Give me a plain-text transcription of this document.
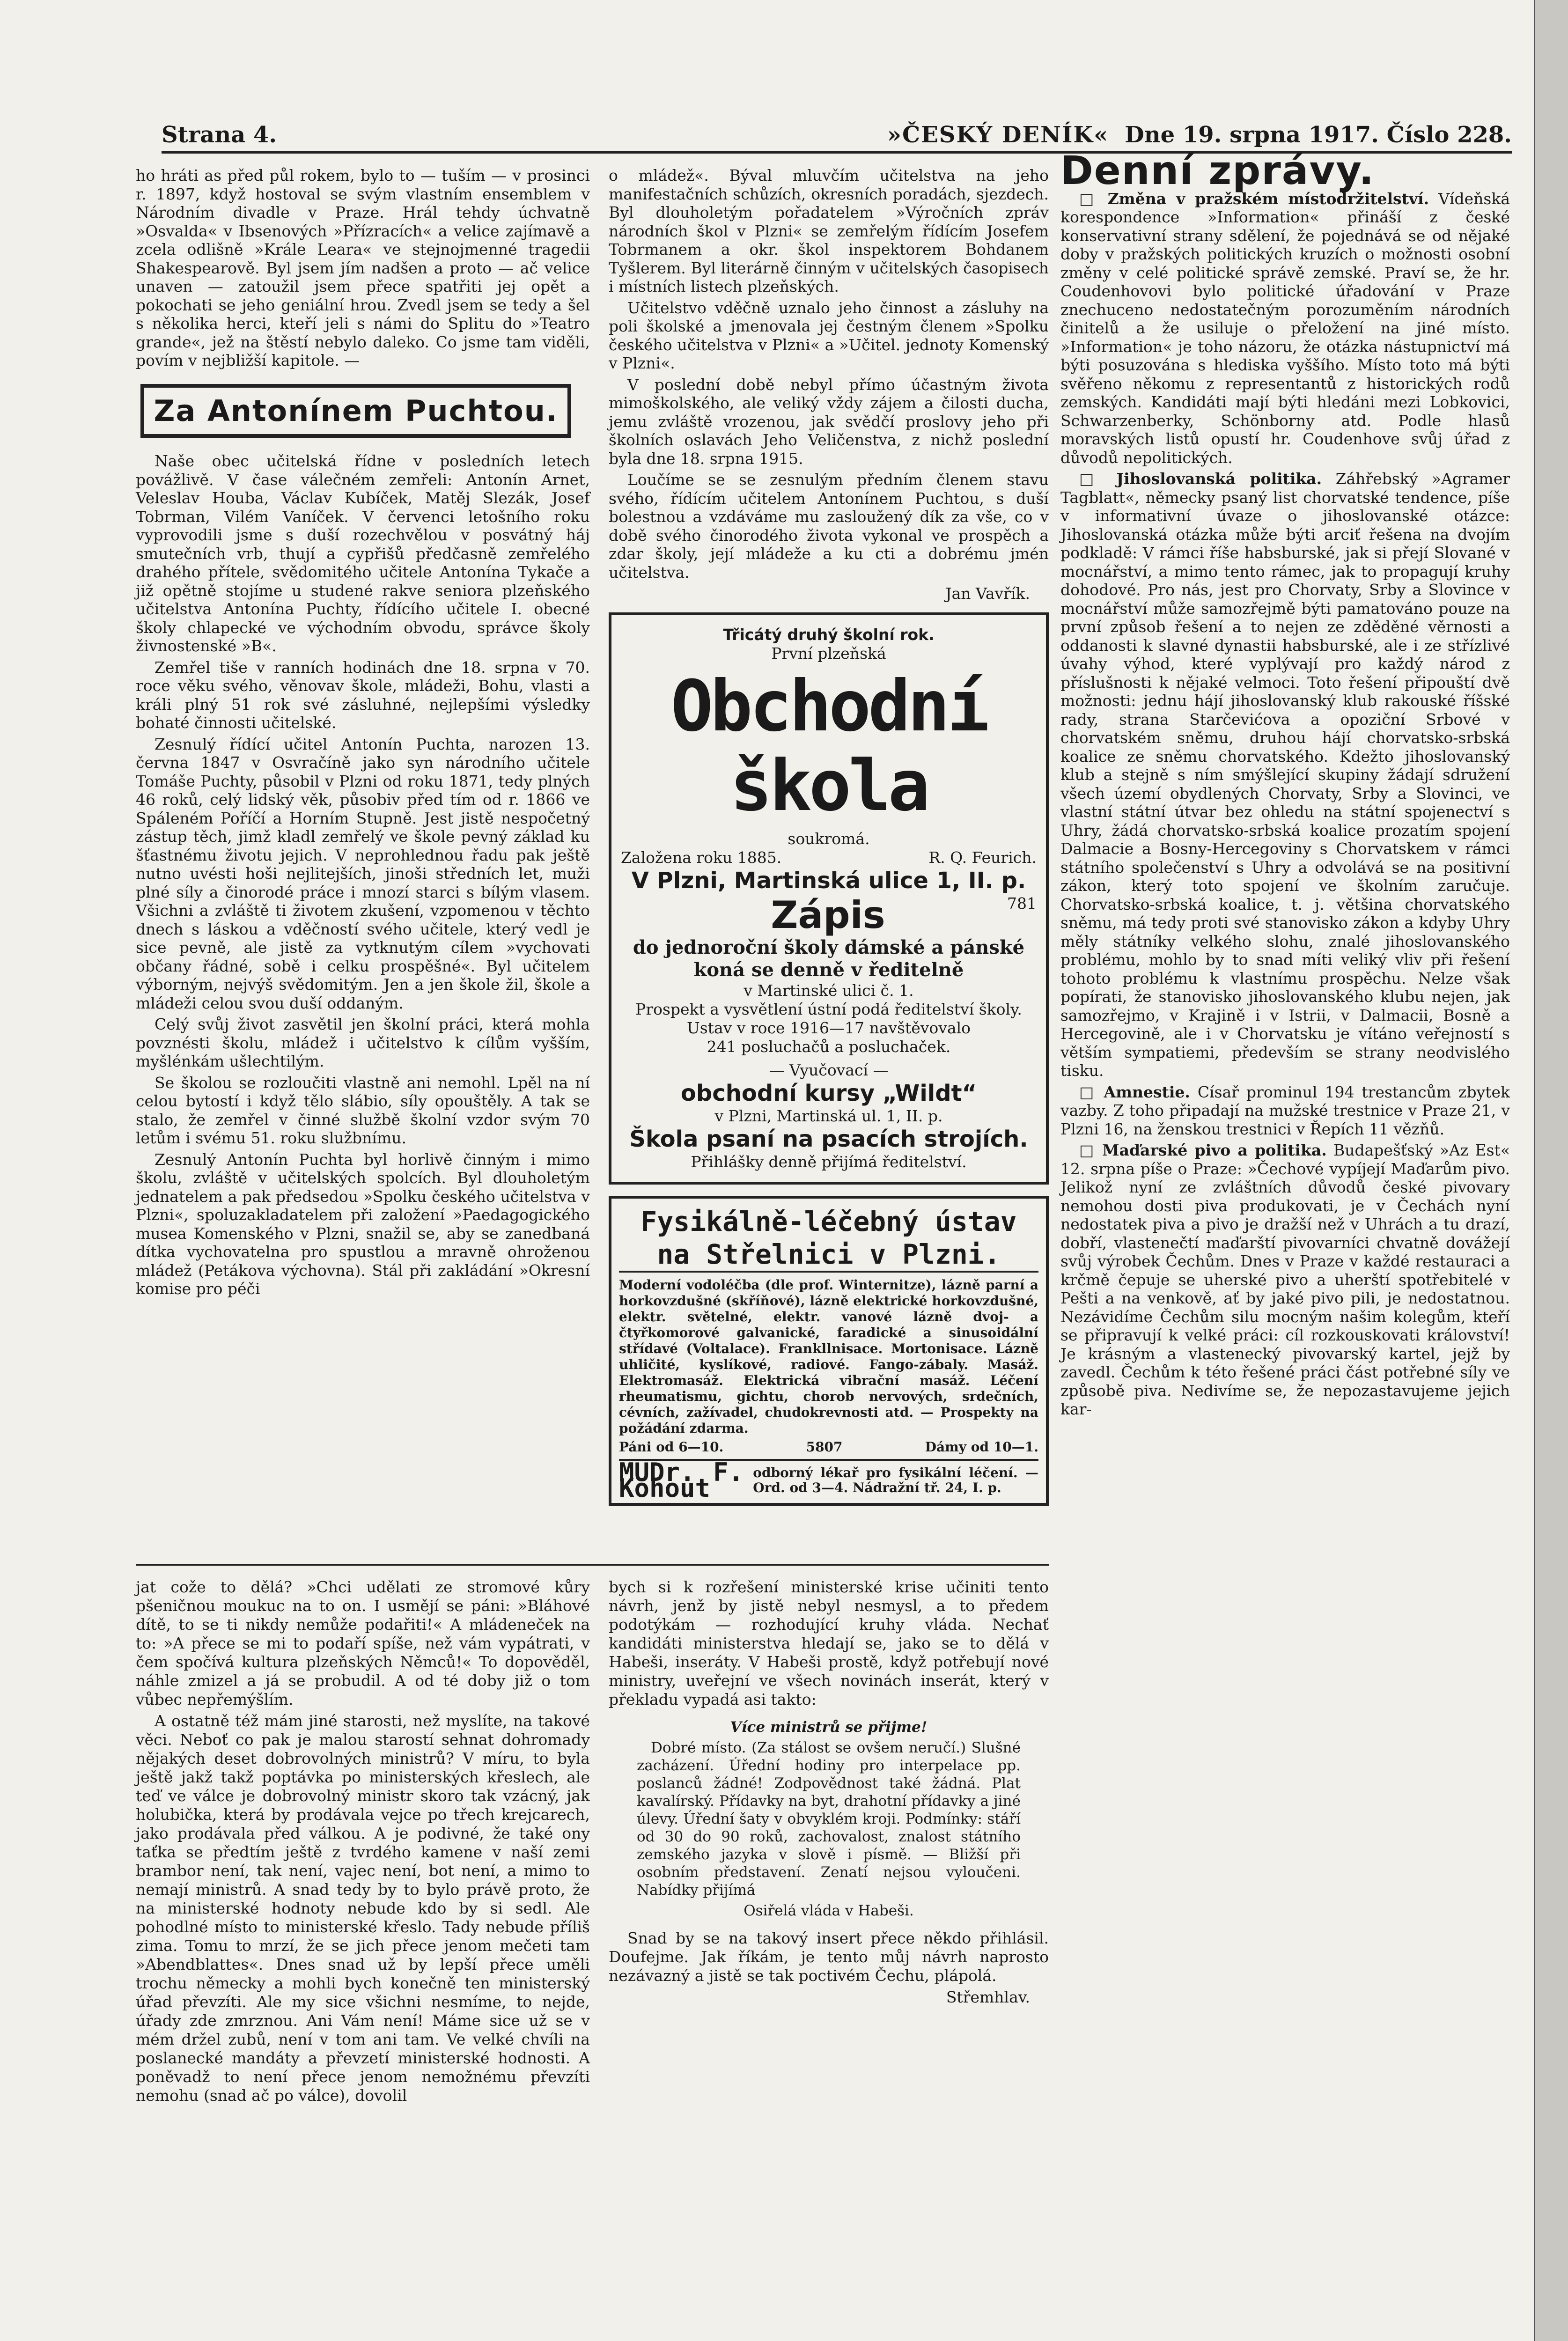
Strana 4.	»ČESKÝ DENÍK« Dne 19. srpna 1917. Číslo 228.

ho hráti as před půl rokem, bylo to — tuším — v prosinci r. 1897, když hostoval se svým vlastním ensemblem v Národním divadle v Praze. Hrál tehdy úchvatně »Osvalda« v Ibsenových »Přízracích« a velice zajímavě a zcela odlišně »Krále Leara« ve stejnojmenné tragedii Shakespearově. Byl jsem jím nadšen a proto — ač velice unaven — zatoužil jsem přece spatřiti jej opět a pokochati se jeho geniální hrou. Zvedl jsem se tedy a šel s několika herci, kteří jeli s námi do Splitu do »Teatro grande«, jež na štěstí nebylo daleko. Co jsme tam viděli, povím v nejbližší kapitole. —

Za Antonínem Puchtou.

Naše obec učitelská řídne v posledních letech povážlivě. V čase válečném zemřeli: Antonín Arnet, Veleslav Houba, Václav Kubíček, Matěj Slezák, Josef Tobrman, Vilém Vaníček. V červenci letošního roku vyprovodili jsme s duší rozechvělou v posvátný háj smutečních vrb, thují a cypřišů předčasně zemřelého drahého přítele, svědomitého učitele Antonína Tykače a již opětně stojíme u studené rakve seniora plzeňského učitelstva Antonína Puchty, řídícího učitele I. obecné školy chlapecké ve východním obvodu, správce školy živnostenské »B«.

Zemřel tiše v ranních hodinách dne 18. srpna v 70. roce věku svého, věnovav škole, mládeži, Bohu, vlasti a králi plný 51 rok své zásluhné, nejlepšími výsledky bohaté činnosti učitelské.

Zesnulý řídící učitel Antonín Puchta, narozen 13. června 1847 v Osvračíně jako syn národního učitele Tomáše Puchty, působil v Plzni od roku 1871, tedy plných 46 roků, celý lidský věk, působiv před tím od r. 1866 ve Spáleném Poříčí a Horním Stupně. Jest jistě nespočetný zástup těch, jimž kladl zemřelý ve škole pevný základ ku šťastnému životu jejich. V neprohlednou řadu pak ještě nutno uvésti hoši nejlitejších, jinoši středních let, muži plné síly a činorodé práce i mnozí starci s bílým vlasem. Všichni a zvláště ti životem zkušení, vzpomenou v těchto dnech s láskou a vděčností svého učitele, který vedl je sice pevně, ale jistě za vytknutým cílem »vychovati občany řádné, sobě i celku prospěšné«. Byl učitelem výborným, nejvýš svědomitým. Jen a jen škole žil, škole a mládeži celou svou duší oddaným.

Celý svůj život zasvětil jen školní práci, která mohla povznésti školu, mládež i učitelstvo k cílům vyšším, myšlénkám ušlechtilým.

Se školou se rozloučiti vlastně ani nemohl. Lpěl na ní celou bytostí i když tělo slábio, síly opouštěly. A tak se stalo, že zemřel v činné službě školní vzdor svým 70 letům i svému 51. roku službnímu.

Zesnulý Antonín Puchta byl horlivě činným i mimo školu, zvláště v učitelských spolcích. Byl dlouholetým jednatelem a pak předsedou »Spolku českého učitelstva v Plzni«, spoluzakladatelem při založení »Paedagogického musea Komenského v Plzni, snažil se, aby se zanedbaná dítka vychovatelna pro spustlou a mravně ohroženou mládež (Petákova výchovna). Stál při zakládání »Okresní komise pro péči

o mládež«. Býval mluvčím učitelstva na jeho manifestačních schůzích, okresních poradách, sjezdech. Byl dlouholetým pořadatelem »Výročních zpráv národních škol v Plzni« se zemřelým řídícím Josefem Tobrmanem a okr. škol inspektorem Bohdanem Tyšlerem. Byl literárně činným v učitelských časopisech i místních listech plzeňských.

Učitelstvo vděčně uznalo jeho činnost a zásluhy na poli školské a jmenovala jej čestným členem »Spolku českého učitelstva v Plzni« a »Učitel. jednoty Komenský v Plzni«.

V poslední době nebyl přímo účastným života mimoškolského, ale veliký vždy zájem a čilosti ducha, jemu zvláště vrozenou, jak svědčí proslovy jeho při školních oslavách Jeho Veličenstva, z nichž poslední byla dne 18. srpna 1915.

Loučíme se se zesnulým předním členem stavu svého, řídícím učitelem Antonínem Puchtou, s duší bolestnou a vzdáváme mu zasloužený dík za vše, co v době svého činorodého života vykonal ve prospěch a zdar školy, její mládeže a ku cti a dobrému jmén učitelstva.

Jan Vavřík.
Třicátý druhý školní rok.
První plzeňská
Obchodní škola
soukromá.
Založena roku 1885.	R. Q. Feurich.
V Plzni, Martinská ulice 1, II. p.
Zápis	781
do jednoroční školy dámské a pánské koná se denně v ředitelně
v Martinské ulici č. 1.
Prospekt a vysvětlení ústní podá ředitelství školy.
Ustav v roce 1916—17 navštěvovalo
241 posluchačů a posluchaček.
— Vyučovací —
obchodní kursy „Wildt“
v Plzni, Martinská ul. 1, II. p.
Škola psaní na psacích strojích.
Přihlášky denně přijímá ředitelství.
Fysikálně-léčebný ústav na Střelnici v Plzni.
Moderní vodoléčba (dle prof. Winternitze), lázně parní a horkovzdušné (skříňové), lázně elektrické horkovzdušné, elektr. světelné, elektr. vanové lázně dvoj- a čtyřkomorové galvanické, faradické a sinusoidální střídavé (Voltalace). Frankllnisace. Mortonisace. Lázně uhličité, kyslíkové, radiové. Fango-zábaly. Masáž. Elektromasáž. Elektrická vibrační masáž. Léčení rheumatismu, gichtu, chorob nervových, srdečních, cévních, zažívadel, chudokrevnosti atd. — Prospekty na požádání zdarma.
Páni od 6—10.	5807	Dámy od 10—1.
MUDr. F. Kohout
odborný lékař pro fysikální léčení. — Ord. od 3—4. Nádražní tř. 24, I. p.
Denní zprávy.

□ Změna v pražském místodržitelství. Vídeňská korespondence »Information« přináší z české konservativní strany sdělení, že pojednává se od nějaké doby v pražských politických kruzích o možnosti osobní změny v celé politické správě zemské. Praví se, že hr. Coudenhovovi bylo politické úřadování v Praze znechuceno nedostatečným porozuměním národních činitelů a že usiluje o přeložení na jiné místo. »Information« je toho názoru, že otázka nástupnictví má býti posuzována s hlediska vyššího. Místo toto má býti svěřeno někomu z representantů z historických rodů zemských. Kandidáti mají býti hledáni mezi Lobkovici, Schwarzenberky, Schönborny atd. Podle hlasů moravských listů opustí hr. Coudenhove svůj úřad z důvodů nepolitických.

□ Jihoslovanská politika. Záhřebský »Agramer Tagblatt«, německy psaný list chorvatské tendence, píše v informativní úvaze o jihoslovanské otázce: Jihoslovanská otázka může býti arciť řešena na dvojím podkladě: V rámci říše habsburské, jak si přejí Slované v mocnářství, a mimo tento rámec, jak to propagují kruhy dohodové. Pro nás, jest pro Chorvaty, Srby a Slovince v mocnářství může samozřejmě býti pamatováno pouze na první způsob řešení a to nejen ze zděděné věrnosti a oddanosti k slavné dynastii habsburské, ale i ze střízlivé úvahy výhod, které vyplývají pro každý národ z příslušnosti k nějaké velmoci. Toto řešení připouští dvě možnosti: jednu hájí jihoslovanský klub rakouské říšské rady, strana Starčevićova a opoziční Srbové v chorvatském sněmu, druhou hájí chorvatsko-srbská koalice ze sněmu chorvatského. Kdežto jihoslovanský klub a stejně s ním smýšlející skupiny žádají sdružení všech území obydlených Chorvaty, Srby a Slovinci, ve vlastní státní útvar bez ohledu na státní spojenectví s Uhry, žádá chorvatsko-srbská koalice prozatím spojení Dalmacie a Bosny-Hercegoviny s Chorvatskem v rámci státního společenství s Uhry a odvolává se na positivní zákon, který toto spojení ve školním zaručuje. Chorvatsko-srbská koalice, t. j. většina chorvatského sněmu, má tedy proti své stanovisko zákon a kdyby Uhry měly státníky velkého slohu, znalé jihoslovanského problému, mohlo by to snad míti veliký vliv při řešení tohoto problému k vlastnímu prospěchu. Nelze však popírati, že stanovisko jihoslovanského klubu nejen, jak samozřejmo, v Krajině i v Istrii, v Dalmacii, Bosně a Hercegovině, ale i v Chorvatsku je vítáno veřejností s větším sympatiemi, především se strany neodvislého tisku.

□ Amnestie. Císař prominul 194 trestancům zbytek vazby. Z toho připadají na mužské trestnice v Praze 21, v Plzni 16, na ženskou trestnici v Řepích 11 vězňů.

□ Maďarské pivo a politika. Budapešťský »Az Est« 12. srpna píše o Praze: »Čechové vypíjejí Maďarům pivo. Jelikož nyní ze zvláštních důvodů české pivovary nemohou dosti piva produkovati, je v Čechách nyní nedostatek piva a pivo je dražší než v Uhrách a tu drazí, dobří, vlastenečtí maďarští pivovarníci chvatně dovážejí svůj výrobek Čechům. Dnes v Praze v každé restauraci a krčmě čepuje se uherské pivo a uherští spotřebitelé v Pešti a na venkově, ať by jaké pivo pili, je nedostatnou. Nezávidíme Čechům silu mocným našim kolegům, kteří se připravují k velké práci: cíl rozkouskovati království! Je krásným a vlastenecký pivovarský kartel, jejž by zavedl. Čechům k této řešené práci část potřebné síly ve způsobě piva. Nedivíme se, že nepozastavujeme jejich kar-

jat cože to dělá? »Chci udělati ze stromové kůry pšeničnou moukuc na to on. I usmějí se páni: »Bláhové dítě, to se ti nikdy nemůže podařiti!« A mládeneček na to: »A přece se mi to podaří spíše, než vám vypátrati, v čem spočívá kultura plzeňských Němců!« To dopověděl, náhle zmizel a já se probudil. A od té doby již o tom vůbec nepřemýšlím.

A ostatně též mám jiné starosti, než myslíte, na takové věci. Neboť co pak je malou starostí sehnat dohromady nějakých deset dobrovolných ministrů? V míru, to byla ještě jakž takž poptávka po ministerských křeslech, ale teď ve válce je dobrovolný ministr skoro tak vzácný, jak holubička, která by prodávala vejce po třech krejcarech, jako prodávala před válkou. A je podivné, že také ony taťka se předtím ještě z tvrdého kamene v naší zemi brambor není, tak není, vajec není, bot není, a mimo to nemají ministrů. A snad tedy by to bylo právě proto, že na ministerské hodnoty nebude kdo by si sedl. Ale pohodlné místo to ministerské křeslo. Tady nebude příliš zima. Tomu to mrzí, že se jich přece jenom mečeti tam »Abendblattes«. Dnes snad už by lepší přece uměli trochu německy a mohli bych konečně ten ministerský úřad převzíti. Ale my sice všichni nesmíme, to nejde, úřady zde zmrznou. Ani Vám není! Máme sice už se v mém držel zubů, není v tom ani tam. Ve velké chvíli na poslanecké mandáty a převzetí ministerské hodnosti. A poněvadž to není přece jenom nemožnému převzíti nemohu (snad ač po válce), dovolil

bych si k rozřešení ministerské krise učiniti tento návrh, jenž by jistě nebyl nesmysl, a to předem podotýkám — rozhodující kruhy vláda. Nechať kandidáti ministerstva hledají se, jako se to dělá v Habeši, inseráty. V Habeši prostě, když potřebují nové ministry, uveřejní ve všech novinách inserát, který v překladu vypadá asi takto:

Více ministrů se přijme!

Dobré místo. (Za stálost se ovšem neručí.) Slušné zacházení. Úřední hodiny pro interpelace pp. poslanců žádné! Zodpovědnost také žádná. Plat kavalírský. Přídavky na byt, drahotní přídavky a jiné úlevy. Úřední šaty v obvyklém kroji. Podmínky: stáří od 30 do 90 roků, zachovalost, znalost státního zemského jazyka v slově i písmě. — Bližší při osobním představení. Zenatí nejsou vyloučeni. Nabídky přijímá

Osiřelá vláda v Habeši.

Snad by se na takový insert přece někdo přihlásil. Doufejme. Jak říkám, je tento můj návrh naprosto nezávazný a jistě se tak poctivém Čechu, plápolá.

Střemhlav.
